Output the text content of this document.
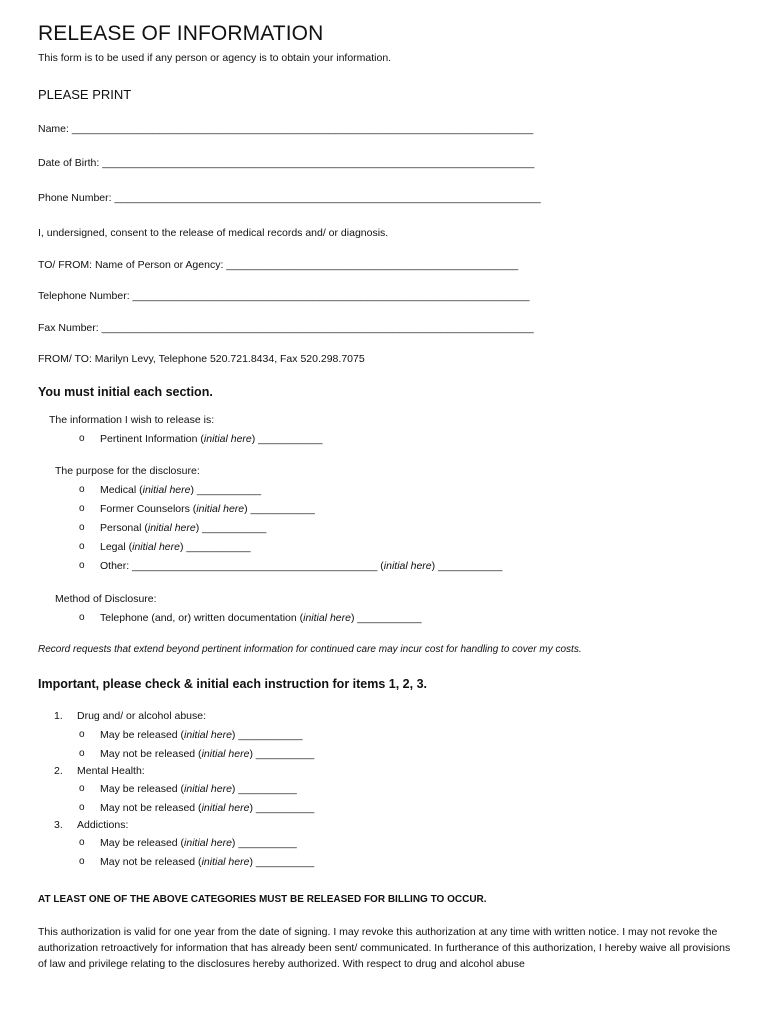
RELEASE OF INFORMATION
This form is to be used if any person or agency is to obtain your information.
PLEASE PRINT
Name: _______________________________________________________________________________
Date of Birth: __________________________________________________________________________
Phone Number: _________________________________________________________________________
I, undersigned, consent to the release of medical records and/ or diagnosis.
TO/ FROM: Name of Person or Agency: __________________________________________________
Telephone Number: ____________________________________________________________________
Fax Number: __________________________________________________________________________
FROM/ TO: Marilyn Levy, Telephone 520.721.8434, Fax 520.298.7075
You must initial each section.
The information I wish to release is:
o Pertinent Information (initial here) ___________
The purpose for the disclosure:
o Medical (initial here) ___________
o Former Counselors (initial here) ___________
o Personal (initial here) ___________
o Legal (initial here) ___________
o Other: __________________________________________ (initial here) ___________
Method of Disclosure:
o Telephone (and, or) written documentation (initial here) ___________
Record requests that extend beyond pertinent information for continued care may incur cost for handling to cover my costs.
Important, please check & initial each instruction for items 1, 2, 3.
1. Drug and/ or alcohol abuse:
o May be released (initial here) ___________
o May not be released (initial here) __________
2. Mental Health:
o May be released (initial here) __________
o May not be released (initial here) __________
3. Addictions:
o May be released (initial here) __________
o May not be released (initial here) __________
AT LEAST ONE OF THE ABOVE CATEGORIES MUST BE RELEASED FOR BILLING TO OCCUR.
This authorization is valid for one year from the date of signing. I may revoke this authorization at any time with written notice. I may not revoke the authorization retroactively for information that has already been sent/ communicated. In furtherance of this authorization, I hereby waive all provisions of law and privilege relating to the disclosures hereby authorized. With respect to drug and alcohol abuse
